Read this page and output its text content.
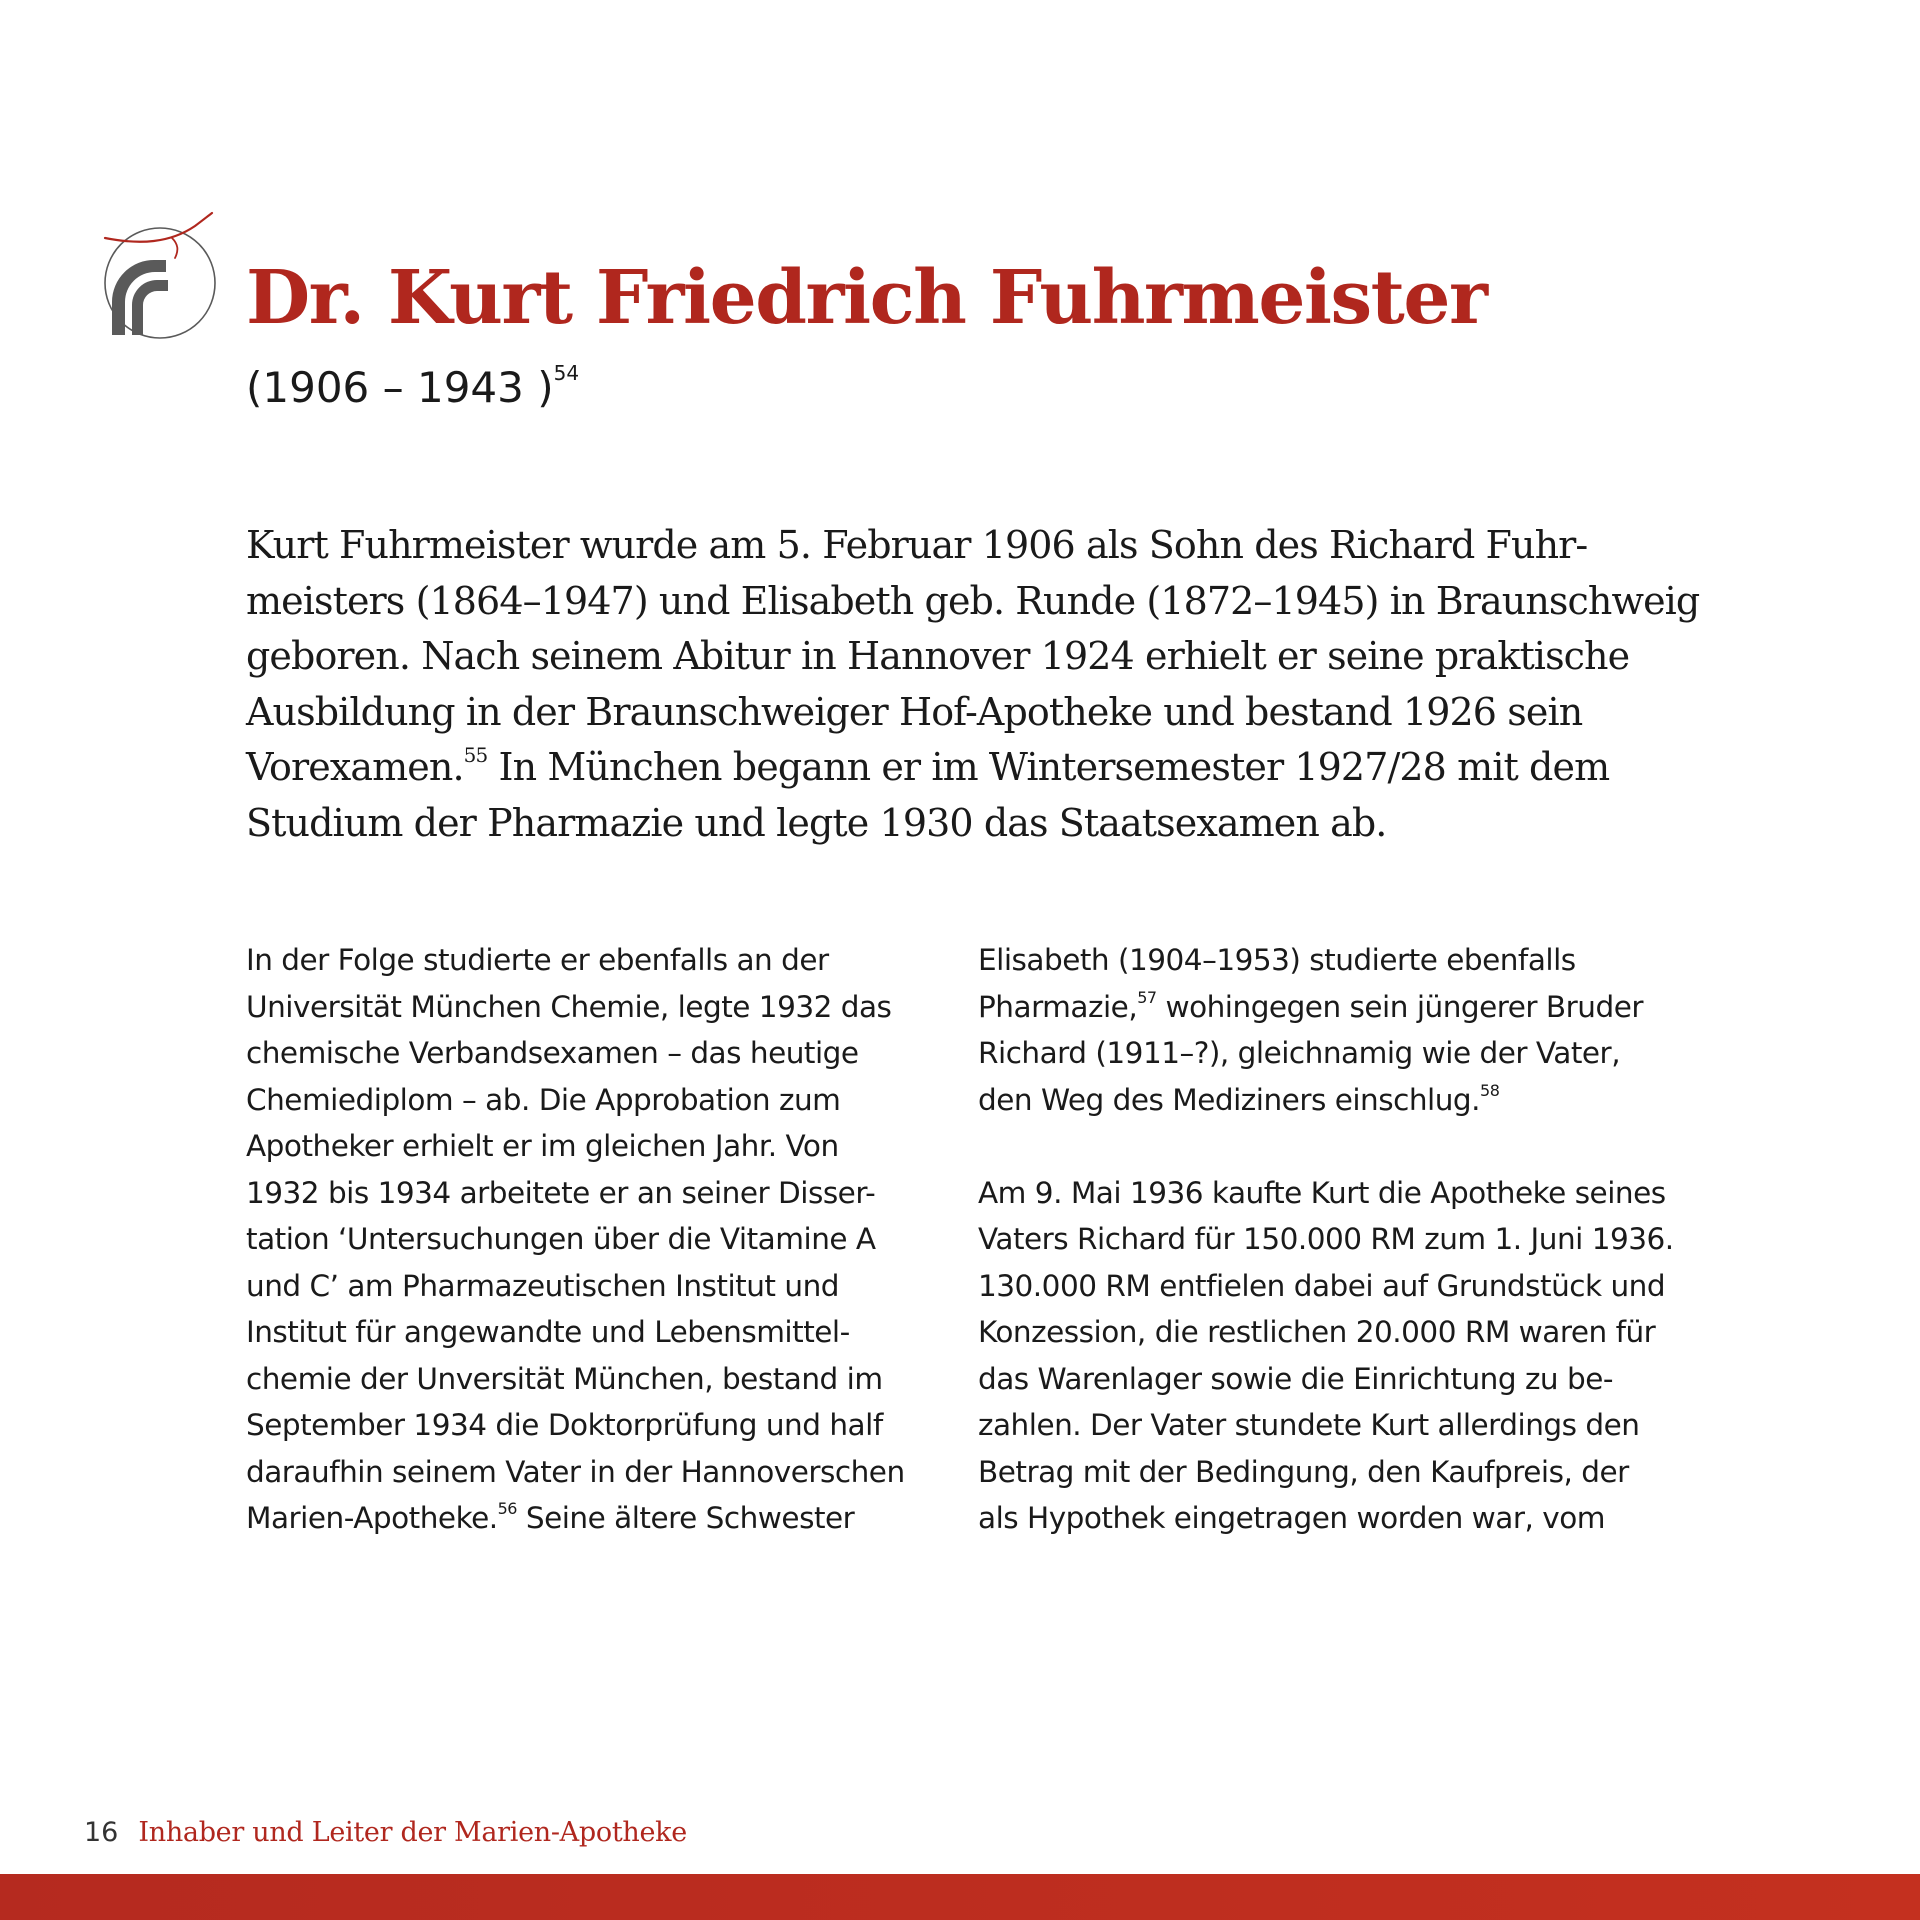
Dr. Kurt Friedrich Fuhrmeister
(1906 – 1943 )$^{54}$

Kurt Fuhrmeister wurde am 5. Februar 1906 als Sohn des Richard Fuhr-
meisters (1864–1947) und Elisabeth geb. Runde (1872–1945) in Braunschweig
geboren. Nach seinem Abitur in Hannover 1924 erhielt er seine praktische
Ausbildung in der Braunschweiger Hof-Apotheke und bestand 1926 sein
Vorexamen.$^{55}$ In München begann er im Wintersemester 1927/28 mit dem
Studium der Pharmazie und legte 1930 das Staatsexamen ab.

In der Folge studierte er ebenfalls an der
Universität München Chemie, legte 1932 das
chemische Verbandsexamen – das heutige
Chemiediplom – ab. Die Approbation zum
Apotheker erhielt er im gleichen Jahr. Von
1932 bis 1934 arbeitete er an seiner Disser-
tation ‘Untersuchungen über die Vitamine A
und C’ am Pharmazeutischen Institut und
Institut für angewandte und Lebensmittel-
chemie der Unversität München, bestand im
September 1934 die Doktorprüfung und half
daraufhin seinem Vater in der Hannoverschen
Marien-Apotheke.$^{56}$ Seine ältere Schwester

Elisabeth (1904–1953) studierte ebenfalls
Pharmazie,$^{57}$ wohingegen sein jüngerer Bruder
Richard (1911–?), gleichnamig wie der Vater,
den Weg des Mediziners einschlug.$^{58}$
Am 9. Mai 1936 kaufte Kurt die Apotheke seines
Vaters Richard für 150.000 RM zum 1. Juni 1936.
130.000 RM entfielen dabei auf Grundstück und
Konzession, die restlichen 20.000 RM waren für
das Warenlager sowie die Einrichtung zu be-
zahlen. Der Vater stundete Kurt allerdings den
Betrag mit der Bedingung, den Kaufpreis, der
als Hypothek eingetragen worden war, vom

16 Inhaber und Leiter der Marien-Apotheke
